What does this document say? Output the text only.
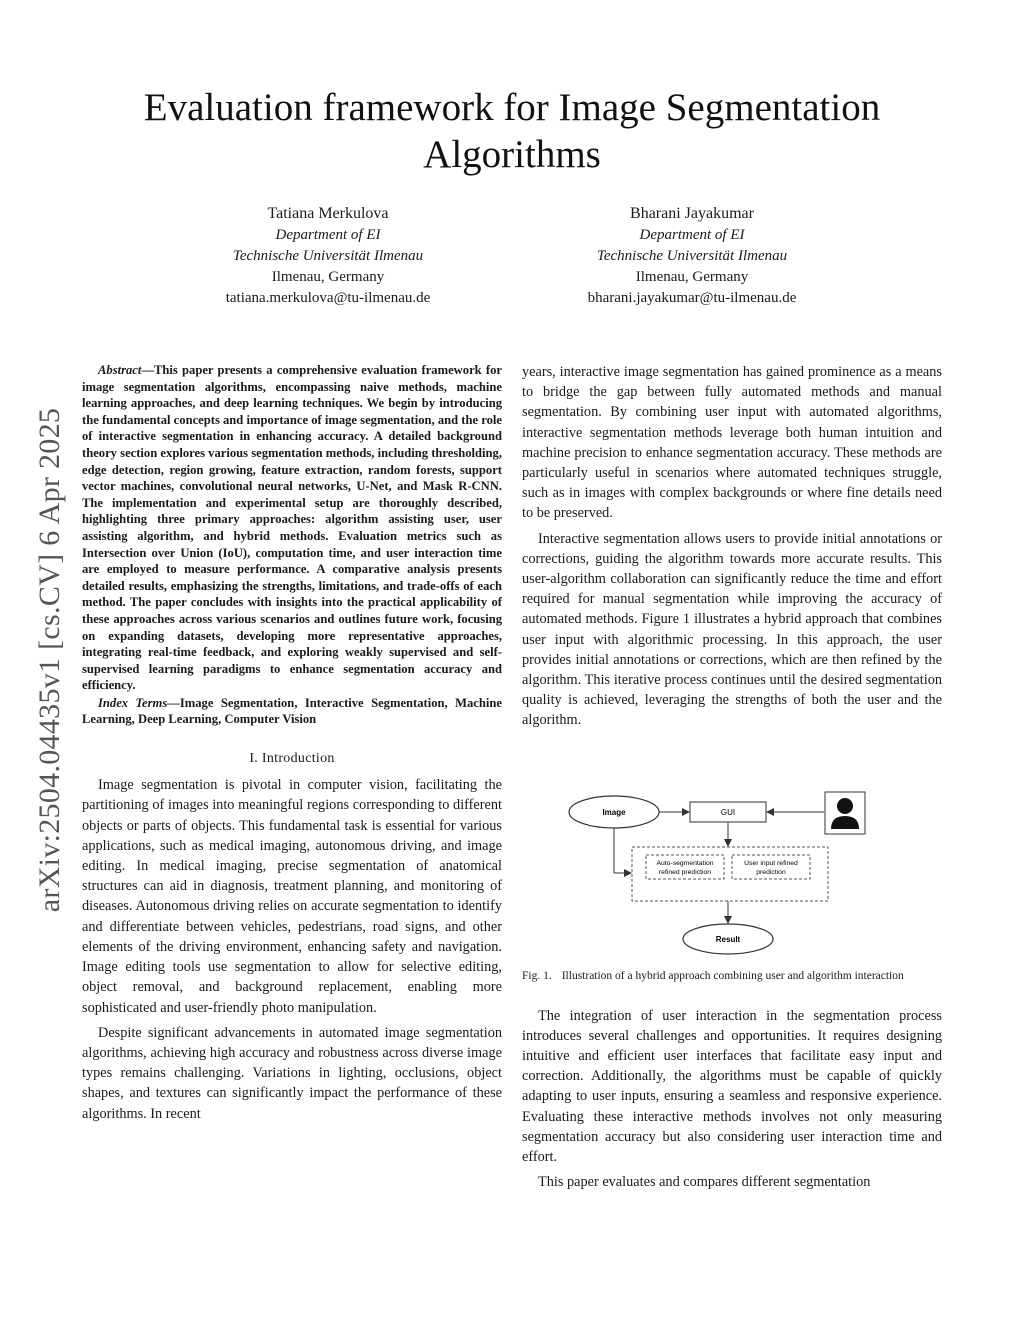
arXiv:2504.04435v1 [cs.CV] 6 Apr 2025
Evaluation framework for Image Segmentation Algorithms
Tatiana Merkulova
Department of EI
Technische Universität Ilmenau
Ilmenau, Germany
tatiana.merkulova@tu-ilmenau.de
Bharani Jayakumar
Department of EI
Technische Universität Ilmenau
Ilmenau, Germany
bharani.jayakumar@tu-ilmenau.de

Abstract—This paper presents a comprehensive evaluation framework for image segmentation algorithms, encompassing naive methods, machine learning approaches, and deep learning techniques. We begin by introducing the fundamental concepts and importance of image segmentation, and the role of interactive segmentation in enhancing accuracy. A detailed background theory section explores various segmentation methods, including thresholding, edge detection, region growing, feature extraction, random forests, support vector machines, convolutional neural networks, U-Net, and Mask R-CNN. The implementation and experimental setup are thoroughly described, highlighting three primary approaches: algorithm assisting user, user assisting algorithm, and hybrid methods. Evaluation metrics such as Intersection over Union (IoU), computation time, and user interaction time are employed to measure performance. A comparative analysis presents detailed results, emphasizing the strengths, limitations, and trade-offs of each method. The paper concludes with insights into the practical applicability of these approaches across various scenarios and outlines future work, focusing on expanding datasets, developing more representative approaches, integrating real-time feedback, and exploring weakly supervised and self-supervised learning paradigms to enhance segmentation accuracy and efficiency.

Index Terms—Image Segmentation, Interactive Segmentation, Machine Learning, Deep Learning, Computer Vision

I. Introduction

Image segmentation is pivotal in computer vision, facilitating the partitioning of images into meaningful regions corresponding to different objects or parts of objects. This fundamental task is essential for various applications, such as medical imaging, autonomous driving, and image editing. In medical imaging, precise segmentation of anatomical structures can aid in diagnosis, treatment planning, and monitoring of diseases. Autonomous driving relies on accurate segmentation to identify and differentiate between vehicles, pedestrians, road signs, and other elements of the driving environment, enhancing safety and navigation. Image editing tools use segmentation to allow for selective editing, object removal, and background replacement, enabling more sophisticated and user-friendly photo manipulation.

Despite significant advancements in automated image segmentation algorithms, achieving high accuracy and robustness across diverse image types remains challenging. Variations in lighting, occlusions, object shapes, and textures can significantly impact the performance of these algorithms. In recent

years, interactive image segmentation has gained prominence as a means to bridge the gap between fully automated methods and manual segmentation. By combining user input with automated algorithms, interactive segmentation methods leverage both human intuition and machine precision to enhance segmentation accuracy. These methods are particularly useful in scenarios where automated techniques struggle, such as in images with complex backgrounds or where fine details need to be preserved.

Interactive segmentation allows users to provide initial annotations or corrections, guiding the algorithm towards more accurate results. This user-algorithm collaboration can significantly reduce the time and effort required for manual segmentation while improving the accuracy of automated methods. Figure 1 illustrates a hybrid approach that combines user input with algorithmic processing. In this approach, the user provides initial annotations or corrections, which are then refined by the algorithm. This iterative process continues until the desired segmentation quality is achieved, leveraging the strengths of both the user and the algorithm.

Image	GUI
Auto-segmentation
refined prediction
User input refined
prediction
Result
Fig. 1. Illustration of a hybrid approach combining user and algorithm interaction

The integration of user interaction in the segmentation process introduces several challenges and opportunities. It requires designing intuitive and efficient user interfaces that facilitate easy input and correction. Additionally, the algorithms must be capable of quickly adapting to user inputs, ensuring a seamless and responsive experience. Evaluating these interactive methods involves not only measuring segmentation accuracy but also considering user interaction time and effort.

This paper evaluates and compares different segmentation
